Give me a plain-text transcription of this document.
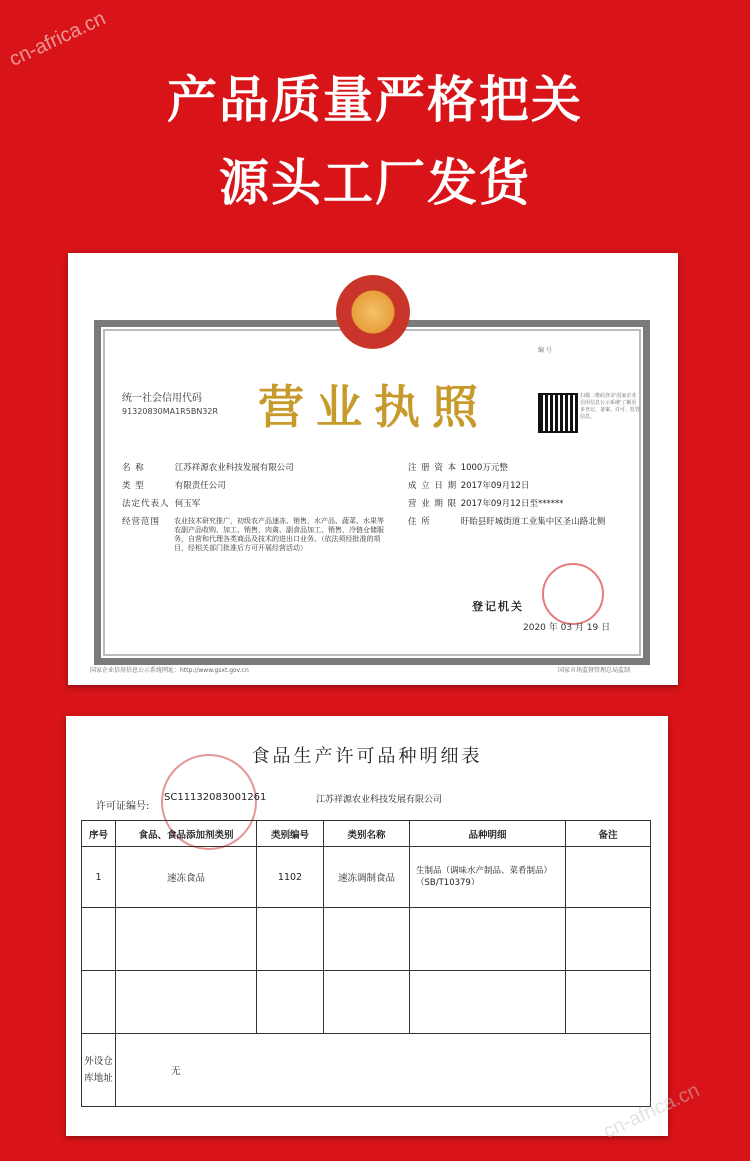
cn-africa.cn
产品质量严格把关
源头工厂发货
编 号
统一社会信用代码
91320830MA1R5BN32R 营业执照	扫描二维码登录'国家企业信用信息公示系统'了解更多登记、备案、许可、监管信息。
名 称	江苏祥源农业科技发展有限公司
类 型	有限责任公司
法定代表人 何玉军
经营范围	农业技术研究推广，初级农产品速冻、销售，水产品、蔬菜、水果等农副产品收购、加工、销售，肉禽、副食品加工、销售，冷链仓储服务，自营和代理各类商品及技术的进出口业务。（依法须经批准的项目，经相关部门批准后方可开展经营活动）
注 册 资 本 1000万元整
成 立 日 期 2017年09月12日
营 业 期 限 2017年09月12日至******
住 所	盱眙县盱城街道工业集中区圣山路北侧
登记机关
2020 年 03 月 19 日
国家企业信用信息公示系统网址：http://www.gsxt.gov.cn	国家市场监督管理总局监制
食品生产许可品种明细表
许可证编号:
SC11132083001261	江苏祥源农业科技发展有限公司
序号	食品、食品添加剂类别	类别编号	类别名称	品种明细	备注
1	速冻食品	1102	速冻调制食品	生制品（调味水产制品、菜肴制品）（SB/T10379）	

外设仓库地址	无				
cn-africa.cn
